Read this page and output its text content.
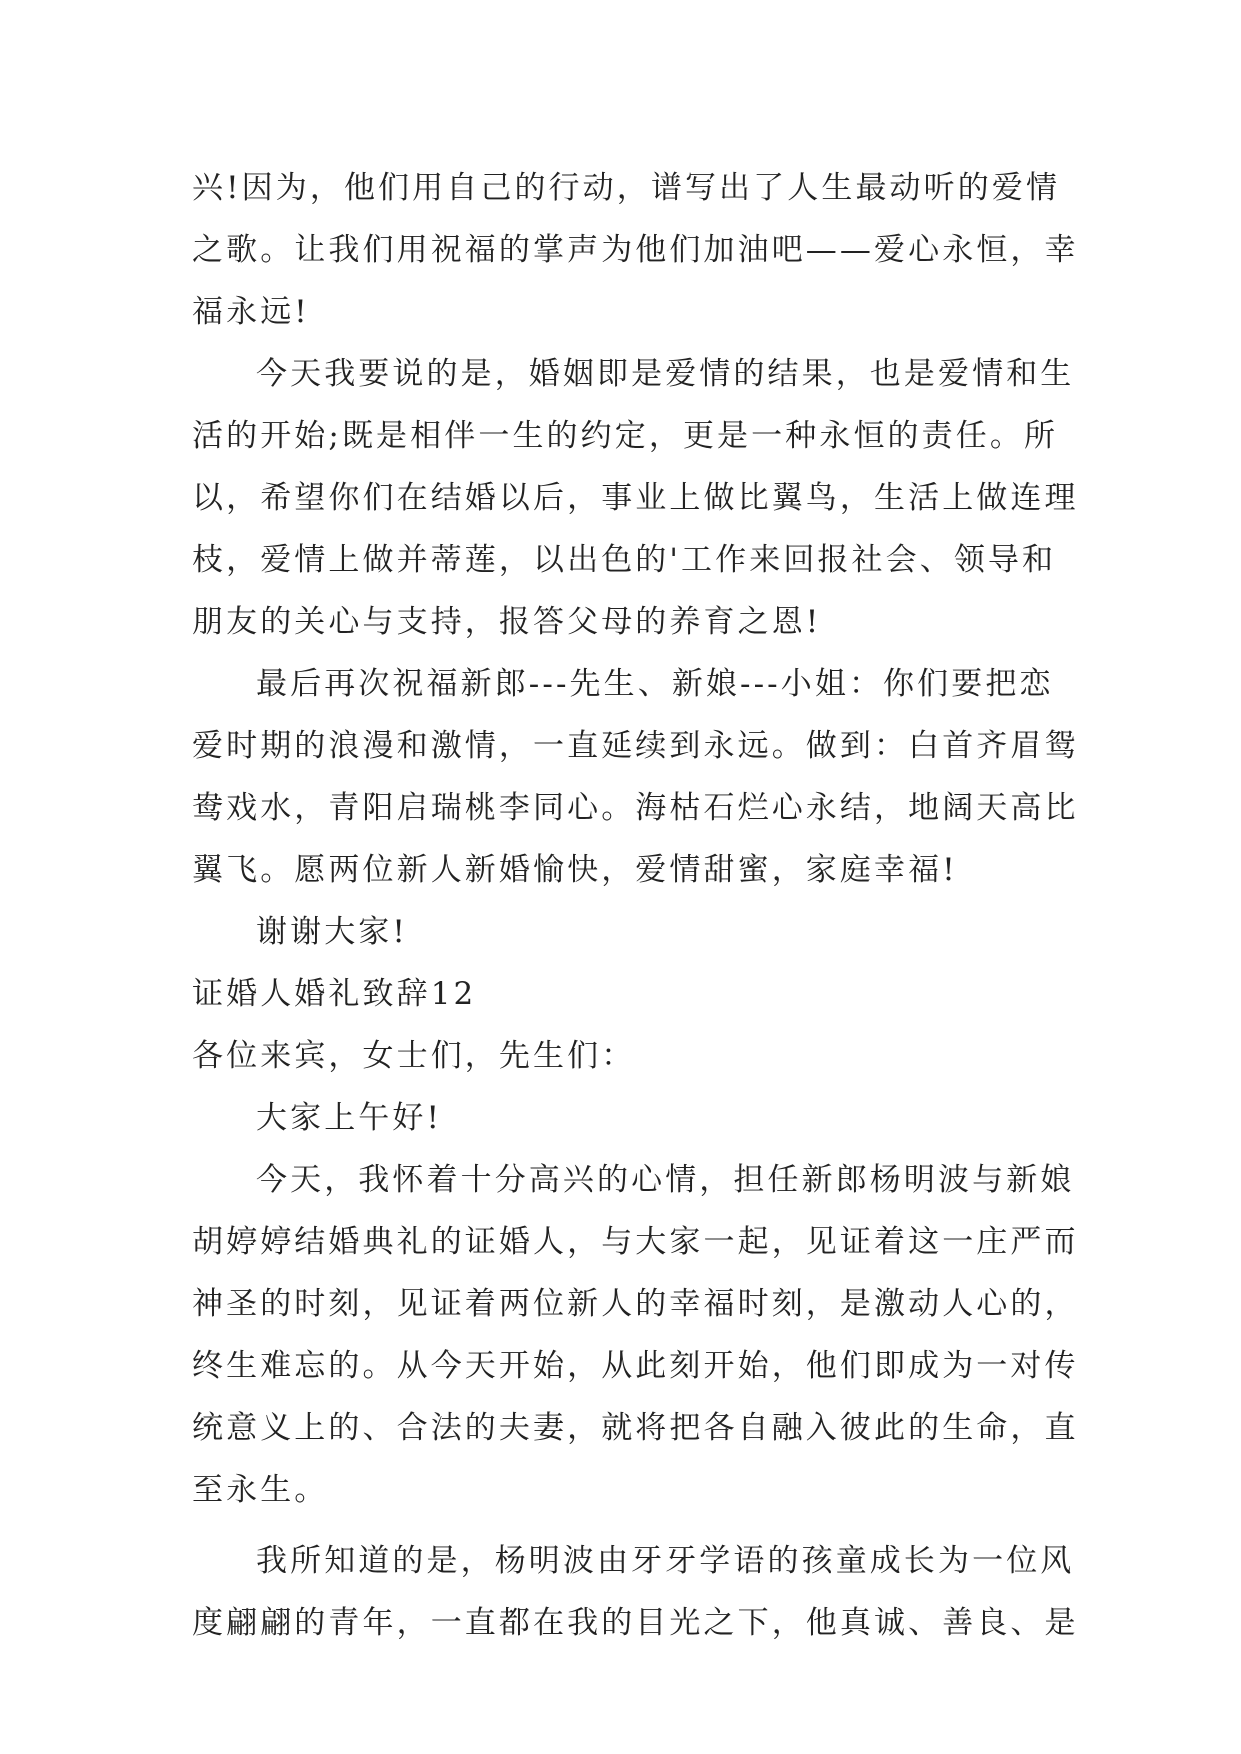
兴!因为，他们用自己的行动，谱写出了人生最动听的爱情
之歌。让我们用祝福的掌声为他们加油吧——爱心永恒，幸
福永远!
今天我要说的是，婚姻即是爱情的结果，也是爱情和生
活的开始;既是相伴一生的约定，更是一种永恒的责任。所
以，希望你们在结婚以后，事业上做比翼鸟，生活上做连理
枝，爱情上做并蒂莲，以出色的'工作来回报社会、领导和
朋友的关心与支持，报答父母的养育之恩!
最后再次祝福新郎---先生、新娘---小姐：你们要把恋
爱时期的浪漫和激情，一直延续到永远。做到：白首齐眉鸳
鸯戏水，青阳启瑞桃李同心。海枯石烂心永结，地阔天高比
翼飞。愿两位新人新婚愉快，爱情甜蜜，家庭幸福!
谢谢大家!
证婚人婚礼致辞12
各位来宾，女士们，先生们：
大家上午好!
今天，我怀着十分高兴的心情，担任新郎杨明波与新娘
胡婷婷结婚典礼的证婚人，与大家一起，见证着这一庄严而
神圣的时刻，见证着两位新人的幸福时刻，是激动人心的，
终生难忘的。从今天开始，从此刻开始，他们即成为一对传
统意义上的、合法的夫妻，就将把各自融入彼此的生命，直
至永生。
我所知道的是，杨明波由牙牙学语的孩童成长为一位风
度翩翩的青年，一直都在我的目光之下，他真诚、善良、是
